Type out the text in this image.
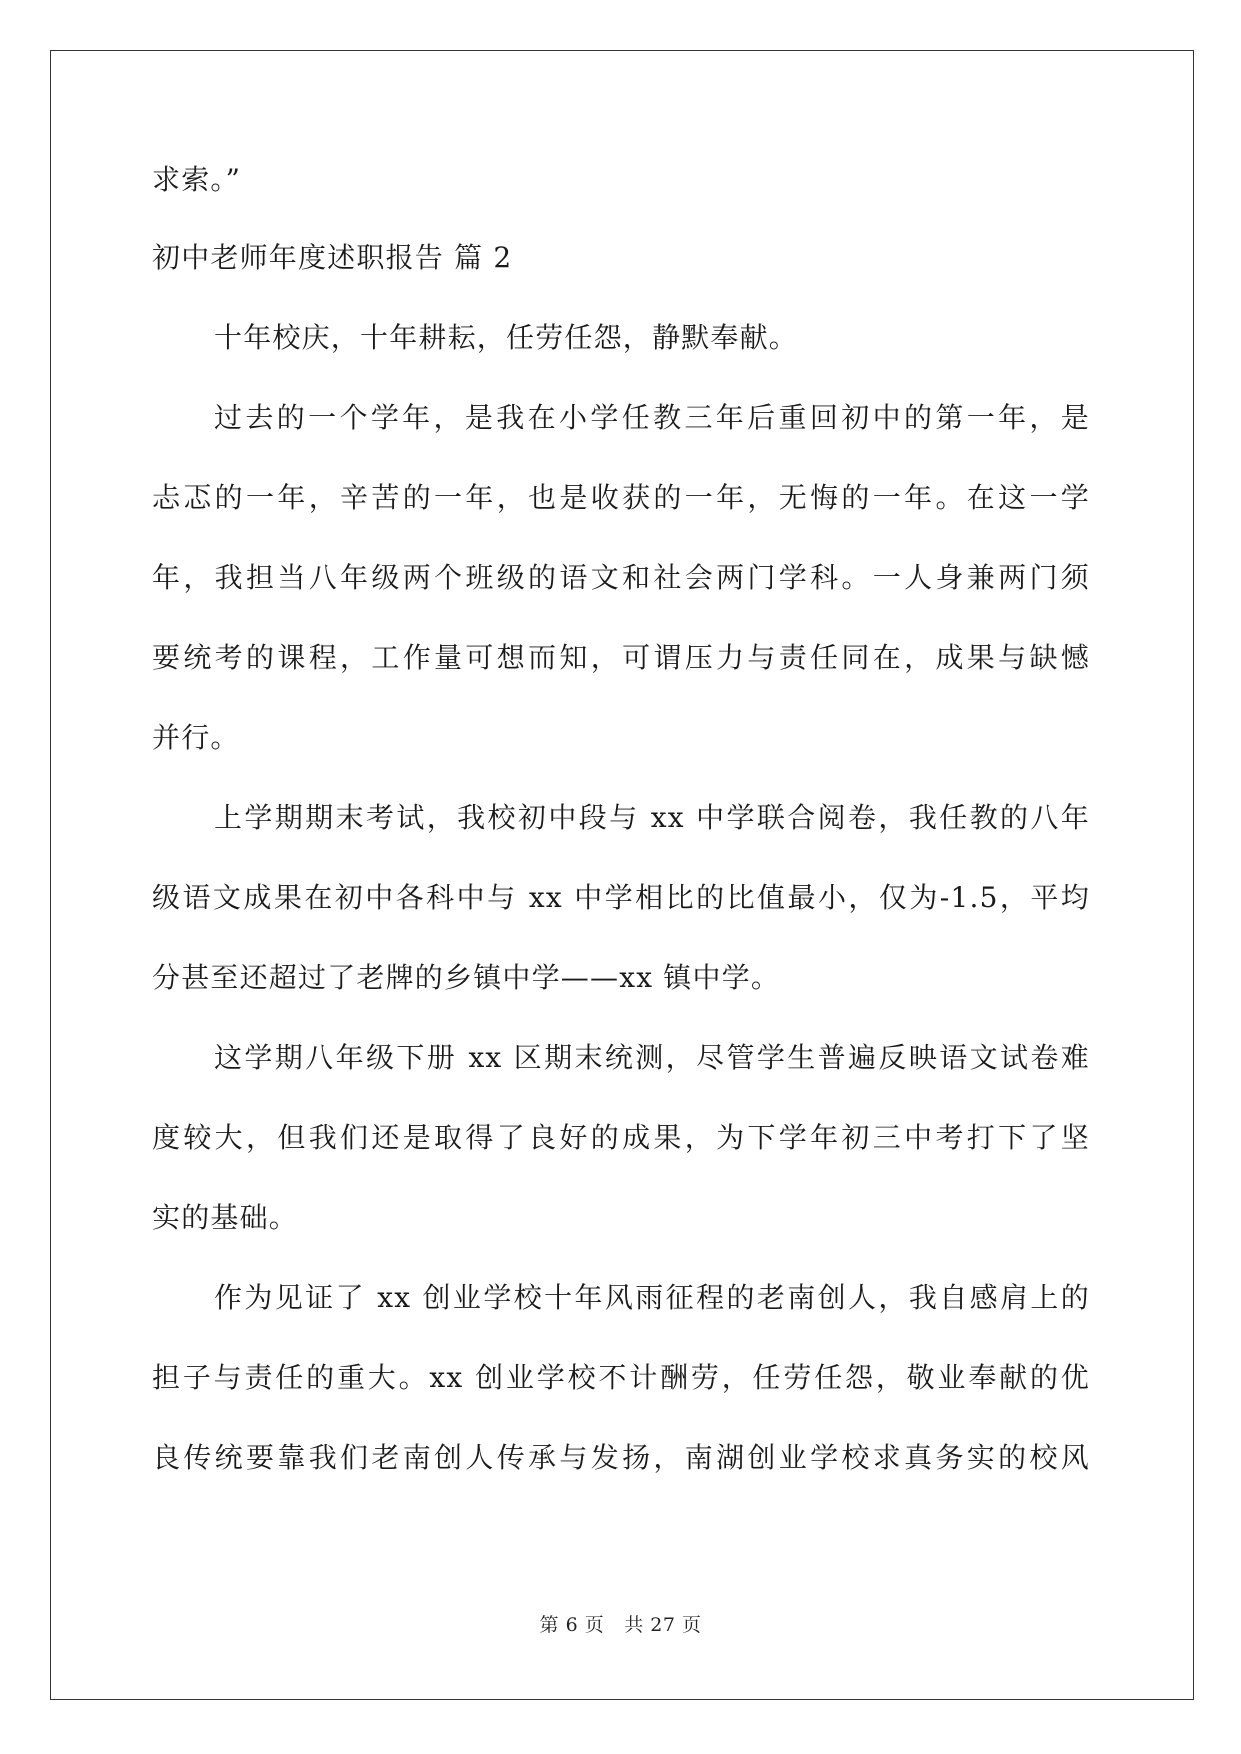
求索。”

初中老师年度述职报告 篇 2

十年校庆，十年耕耘，任劳任怨，静默奉献。

过去的一个学年，是我在小学任教三年后重回初中的第一年，是
忐忑的一年，辛苦的一年，也是收获的一年，无悔的一年。在这一学
年，我担当八年级两个班级的语文和社会两门学科。一人身兼两门须
要统考的课程，工作量可想而知，可谓压力与责任同在，成果与缺憾
并行。

上学期期末考试，我校初中段与 xx 中学联合阅卷，我任教的八年
级语文成果在初中各科中与 xx 中学相比的比值最小，仅为-1.5，平均
分甚至还超过了老牌的乡镇中学——xx 镇中学。

这学期八年级下册 xx 区期末统测，尽管学生普遍反映语文试卷难
度较大，但我们还是取得了良好的成果，为下学年初三中考打下了坚
实的基础。

作为见证了 xx 创业学校十年风雨征程的老南创人，我自感肩上的
担子与责任的重大。xx 创业学校不计酬劳，任劳任怨，敬业奉献的优
良传统要靠我们老南创人传承与发扬，南湖创业学校求真务实的校风

第 6 页 共 27 页
